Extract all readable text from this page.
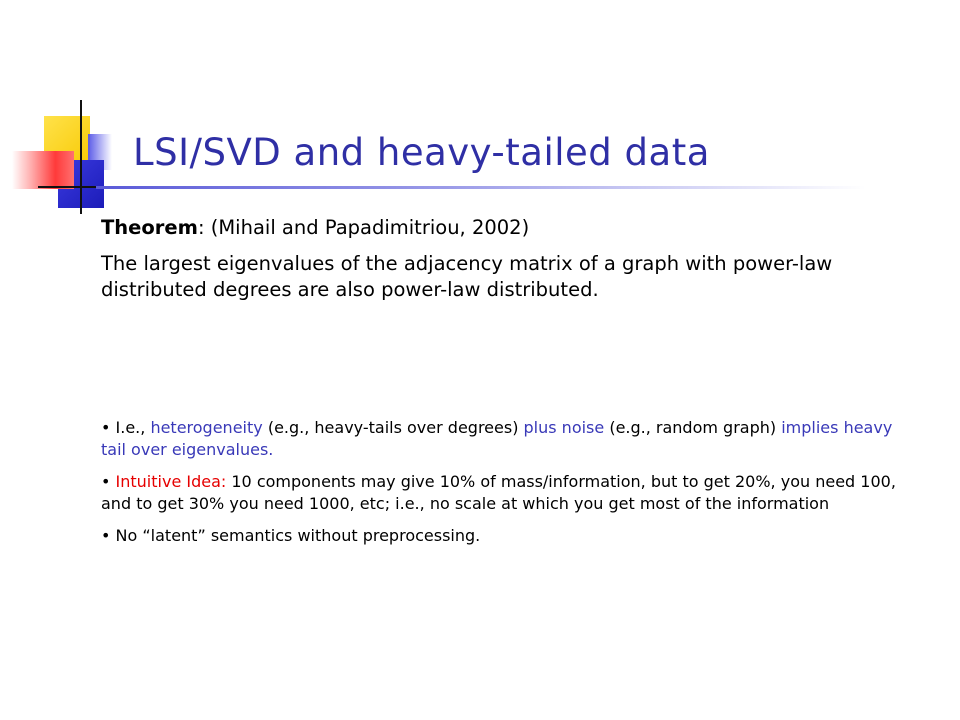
LSI/SVD and heavy-tailed data

Theorem: (Mihail and Papadimitriou, 2002)

The largest eigenvalues of the adjacency matrix of a graph with power-law distributed degrees are also power-law distributed.

• I.e., heterogeneity (e.g., heavy-tails over degrees) plus noise (e.g., random graph) implies heavy tail over eigenvalues.

• Intuitive Idea: 10 components may give 10% of mass/information, but to get 20%, you need 100, and to get 30% you need 1000, etc; i.e., no scale at which you get most of the information

• No “latent” semantics without preprocessing.
